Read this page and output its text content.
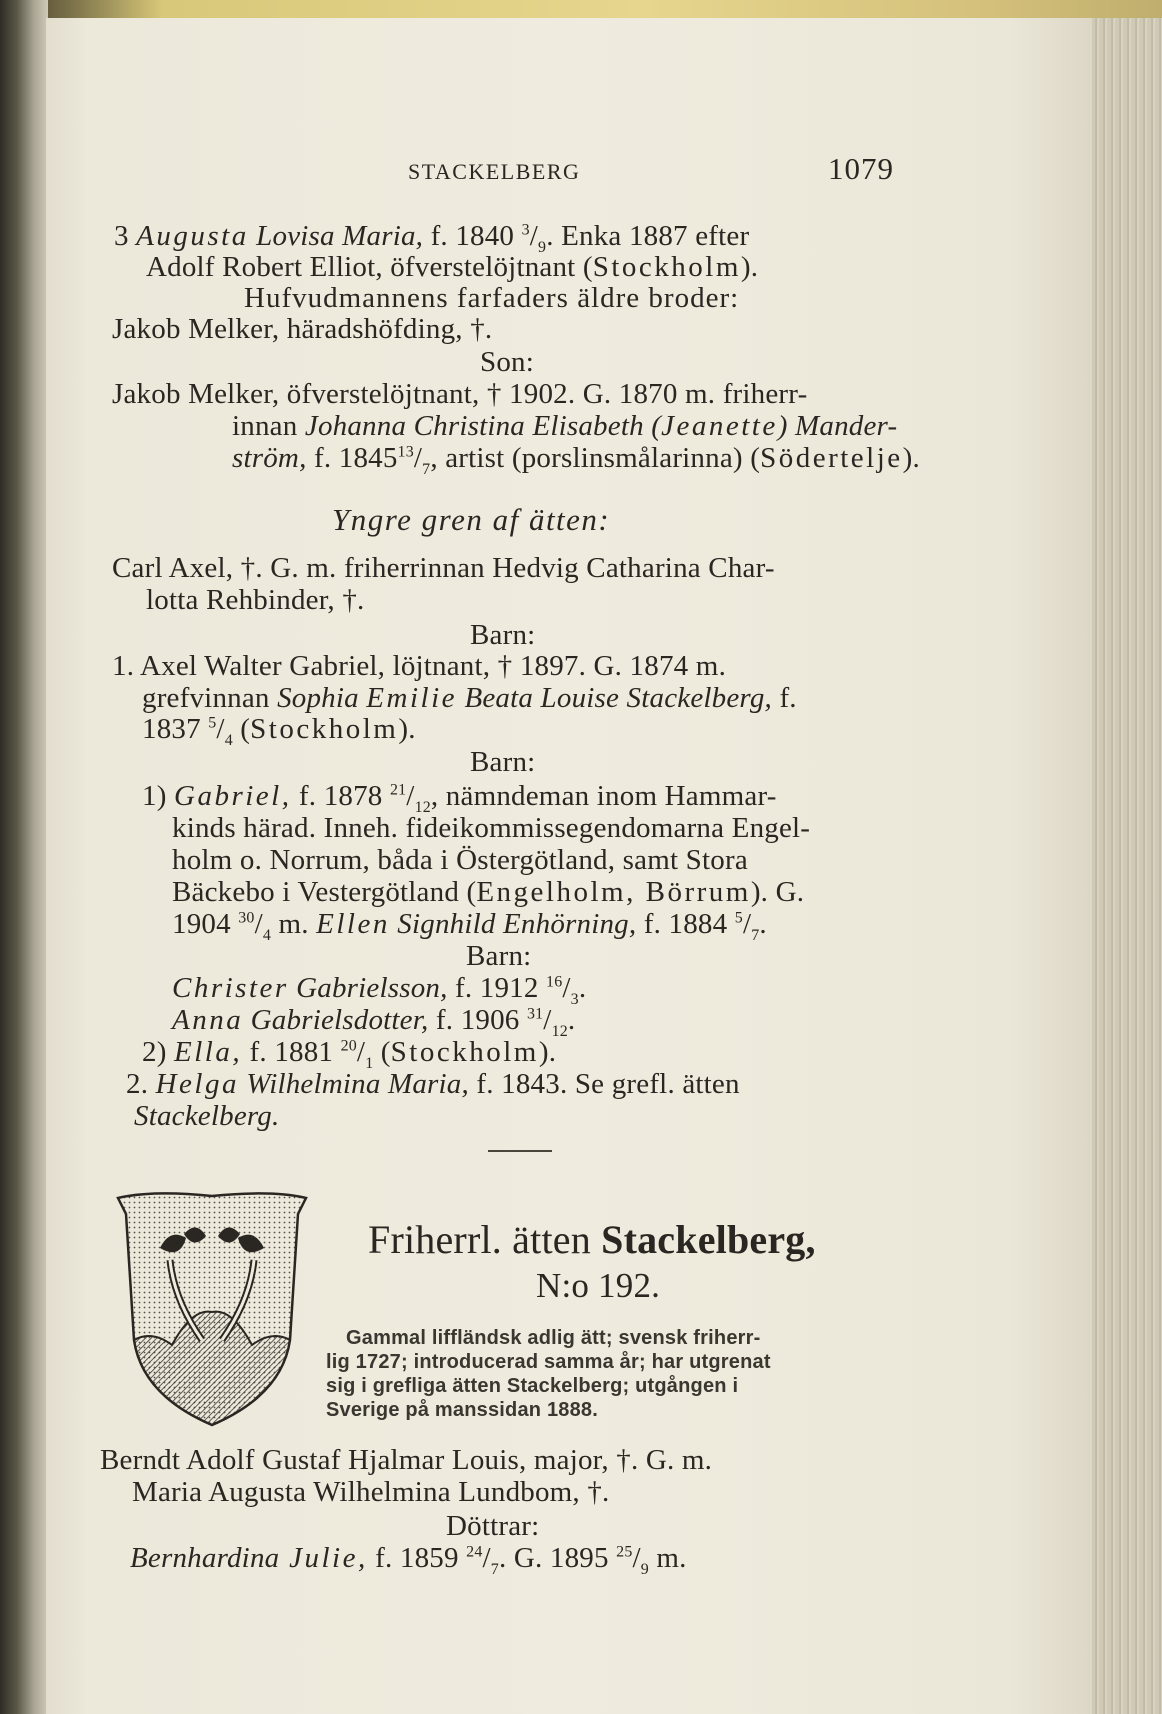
STACKELBERG	1079
3 Augusta Lovisa Maria, f. 1840 $^3/_9$. Enka 1887 efter
Adolf Robert Elliot, öfverstelöjtnant (Stockholm).
Hufvudmannens farfaders äldre broder:
Jakob Melker, häradshöfding, †.
Son:
Jakob Melker, öfverstelöjtnant, † 1902. G. 1870 m. friherr-
innan Johanna Christina Elisabeth (Jeanette) Mander-
ström, f. $1845^{13}/_7$, artist (porslinsmålarinna) (Södertelje).
Yngre gren af ätten:
Carl Axel, †. G. m. friherrinnan Hedvig Catharina Char-
lotta Rehbinder, †.
Barn:
1. Axel Walter Gabriel, löjtnant, † 1897. G. 1874 m.
grefvinnan Sophia Emilie Beata Louise Stackelberg, f.
1837 $^5/_4$ (Stockholm).
Barn:
1) Gabriel, f. 1878 $^{21}/_{12}$, nämndeman inom Hammar-
kinds härad. Inneh. fideikommissegendomarna Engel-
holm o. Norrum, båda i Östergötland, samt Stora
Bäckebo i Vestergötland (Engelholm, Börrum). G.
1904 $^{30}/_4$ m. Ellen Signhild Enhörning, f. 1884 $^5/_7$.
Barn:
Christer Gabrielsson, f. 1912 $^{16}/_3$.
Anna Gabrielsdotter, f. 1906 $^{31}/_{12}$.
2) Ella, f. 1881 $^{20}/_1$ (Stockholm).
2. Helga Wilhelmina Maria, f. 1843. Se grefl. ätten
Stackelberg.
Friherrl. ätten Stackelberg,
N:o 192.
Gammal liffländsk adlig ätt; svensk friherr-
lig 1727; introducerad samma år; har utgrenat
sig i grefliga ätten Stackelberg; utgången i
Sverige på manssidan 1888.
Berndt Adolf Gustaf Hjalmar Louis, major, †. G. m.
Maria Augusta Wilhelmina Lundbom, †.
Döttrar:
Bernhardina Julie, f. 1859 $^{24}/_7$. G. 1895 $^{25}/_9$ m.
